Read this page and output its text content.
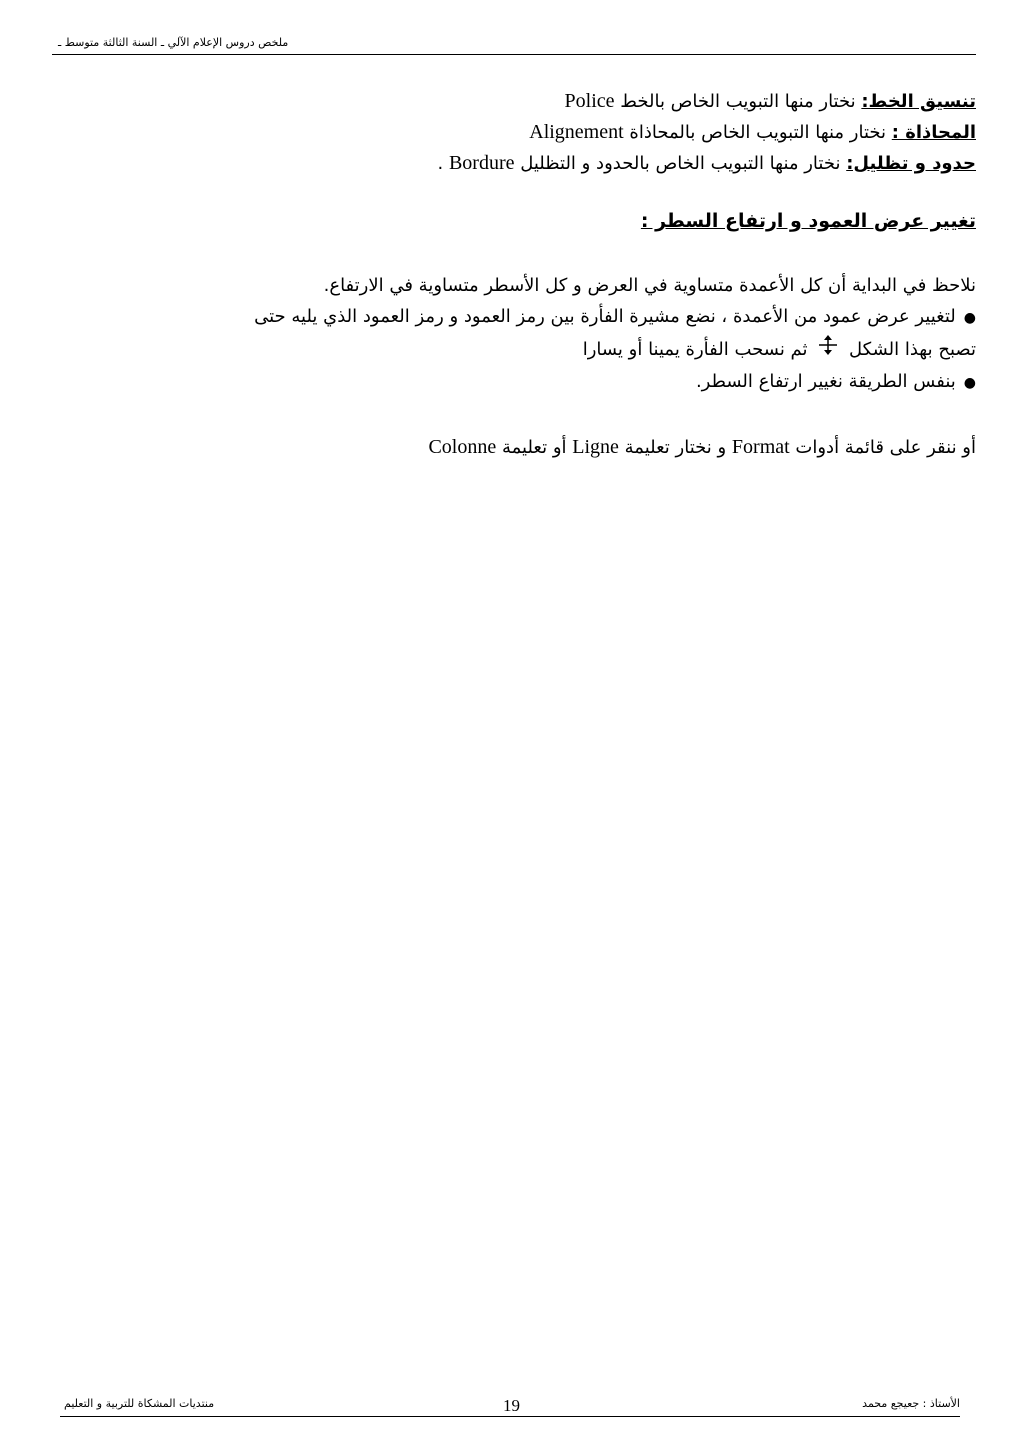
ملخص دروس الإعلام الآلي ـ السنة الثالثة متوسط ـ
تنسيق الخط: نختار منها التبويب الخاص بالخط Police
المحاذاة : نختار منها التبويب الخاص بالمحاذاة Alignement
حدود و تظليل: نختار منها التبويب الخاص بالحدود و التظليل Bordure .
تغيير عرض العمود و ارتفاع السطر :
نلاحظ في البداية أن كل الأعمدة متساوية في العرض و كل الأسطر متساوية في الارتفاع.
●لتغيير عرض عمود من الأعمدة ، نضع مشيرة الفأرة بين رمز العمود و رمز العمود الذي يليه حتى
تصبح بهذا الشكل  ثم نسحب الفأرة يمينا أو يسارا
●بنفس الطريقة نغيير ارتفاع السطر.
أو ننقر على قائمة أدوات Format و نختار تعليمة Ligne أو تعليمة Colonne
منتديات المشكاة للتربية و التعليم	19	الأستاذ : جعيجع محمد
